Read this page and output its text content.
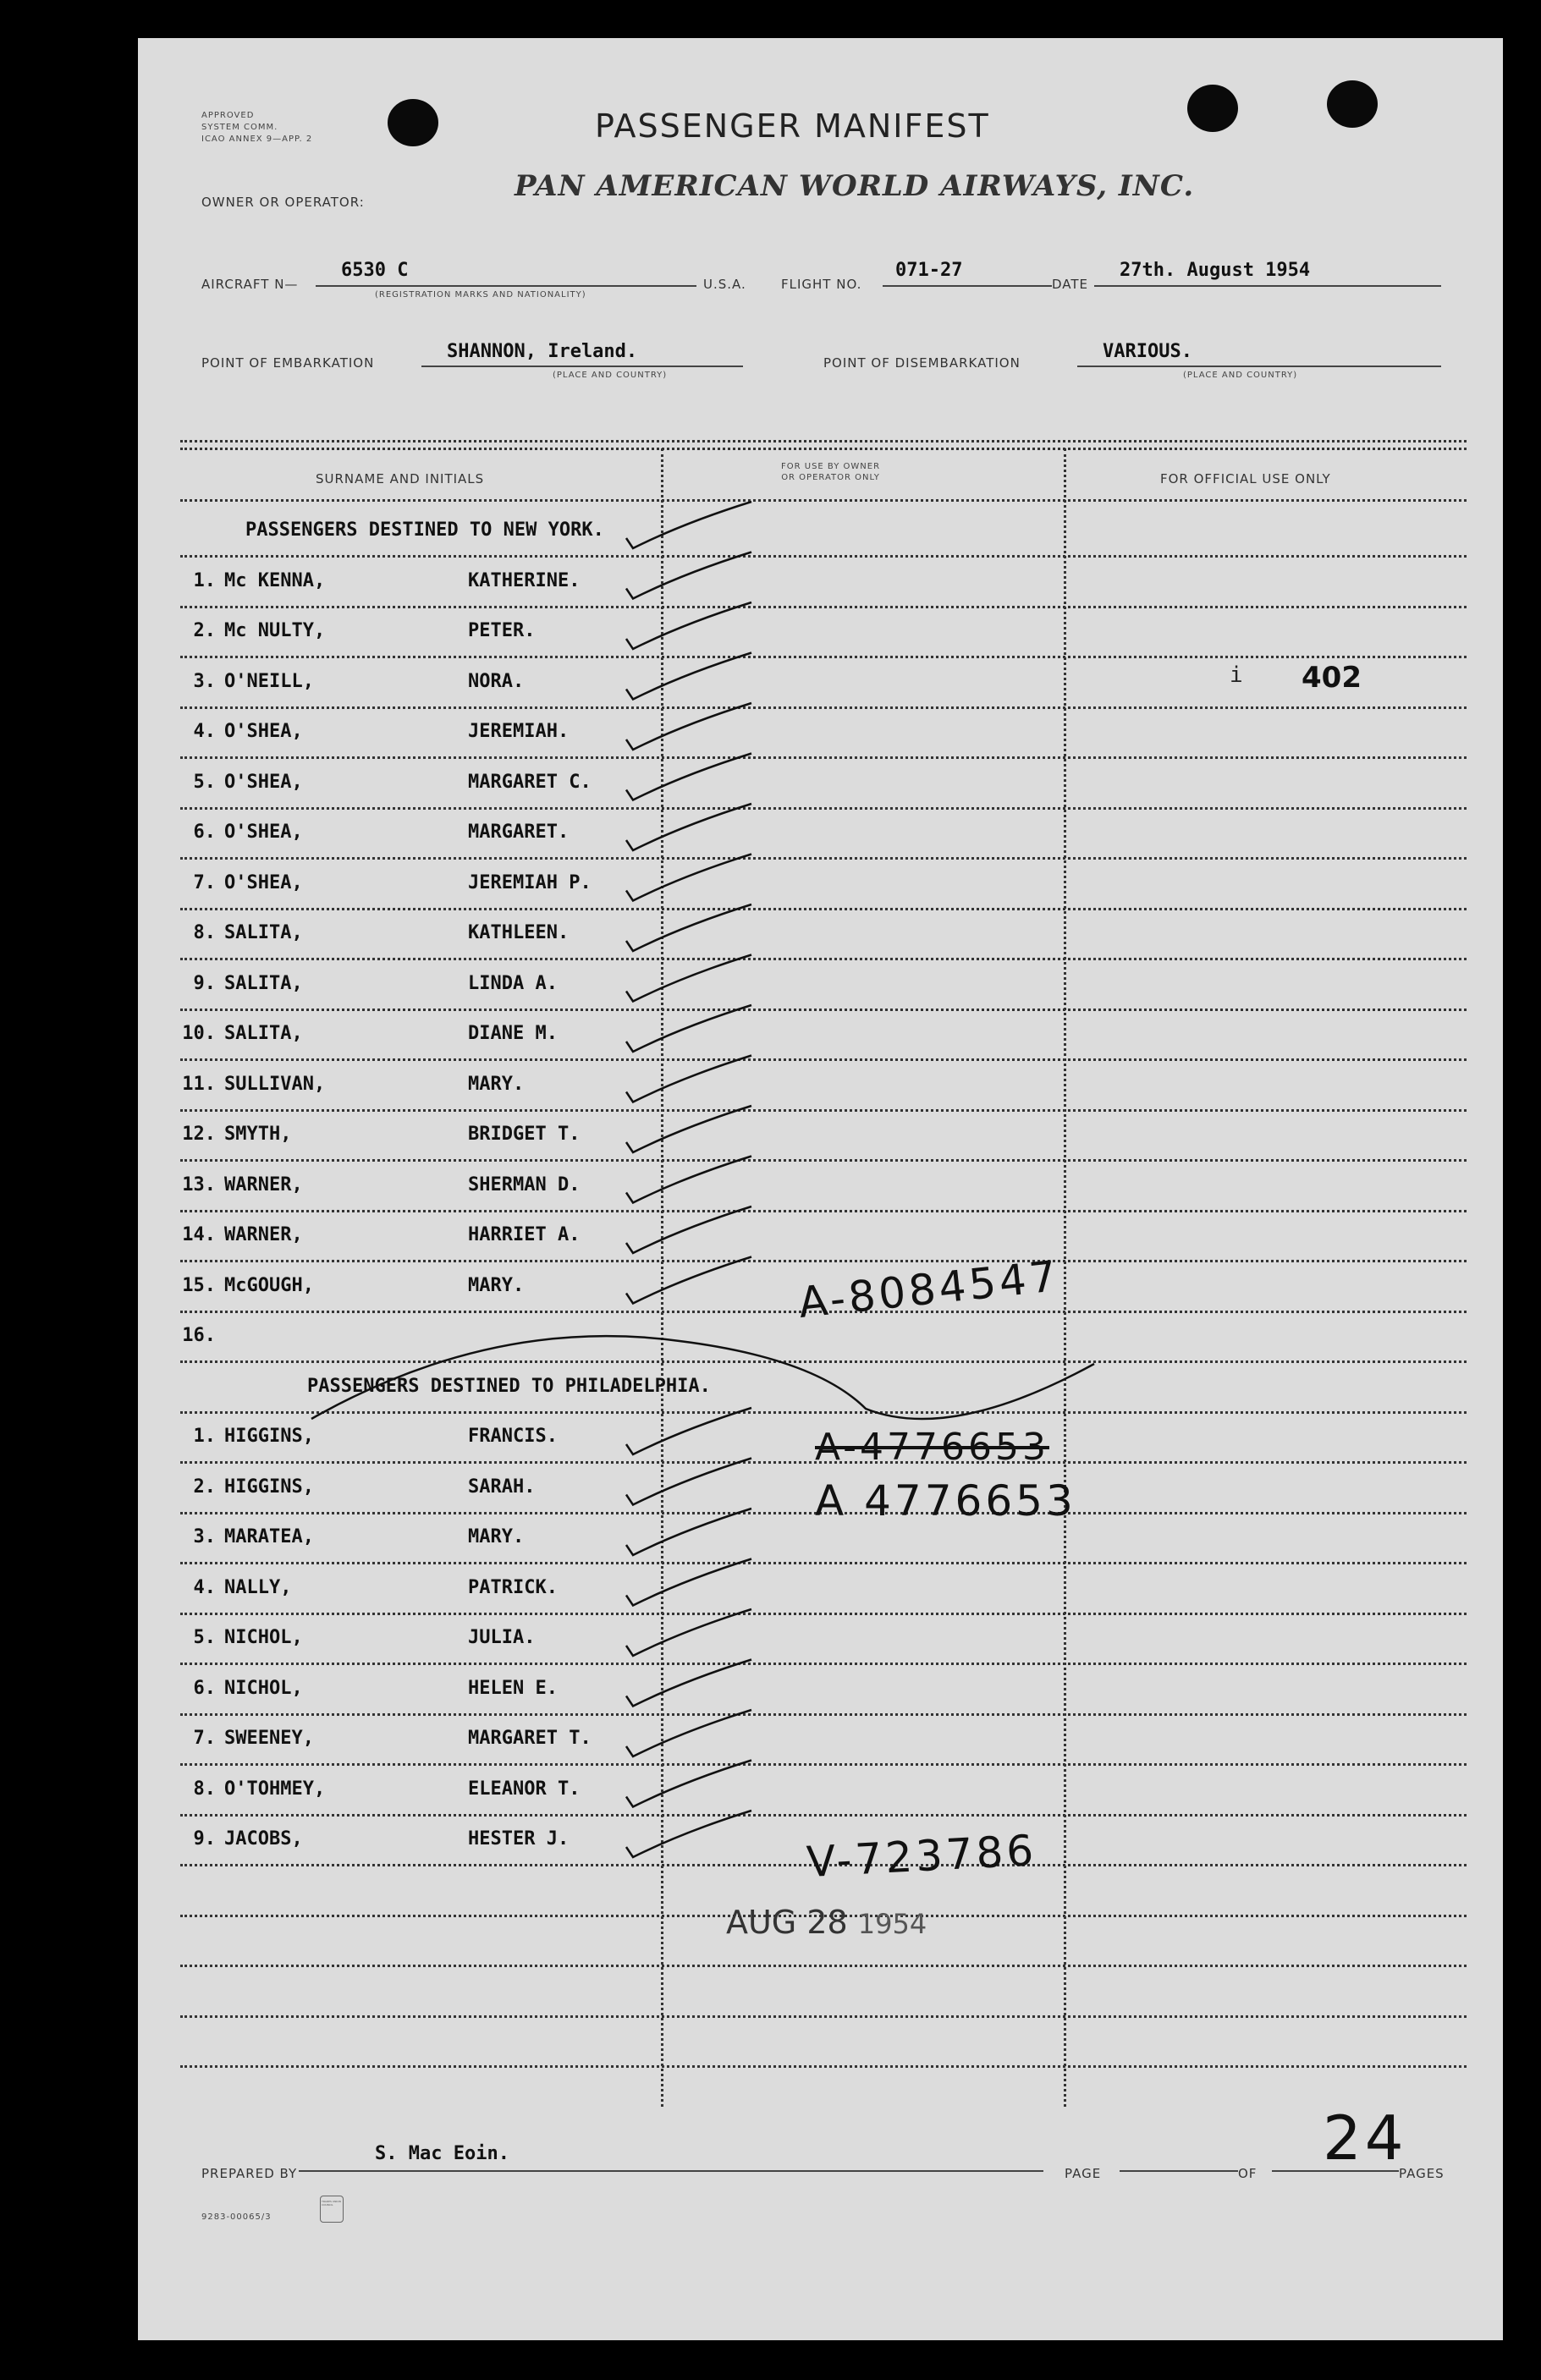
APPROVED
SYSTEM COMM.
ICAO ANNEX 9—APP. 2	PASSENGER MANIFEST
OWNER OR OPERATOR:	PAN AMERICAN WORLD AIRWAYS, INC.
AIRCRAFT N—
6530 C
(REGISTRATION MARKS AND NATIONALITY)
U.S.A.	FLIGHT NO.
071-27
DATE
27th. August 1954
POINT OF EMBARKATION
SHANNON, Ireland.
(PLACE AND COUNTRY)
POINT OF DISEMBARKATION
VARIOUS.
(PLACE AND COUNTRY)
SURNAME AND INITIALS
FOR USE BY OWNER
OR OPERATOR ONLY	FOR OFFICIAL USE ONLY
PASSENGERS DESTINED TO NEW YORK.
1. Mc KENNA,	KATHERINE.
2. Mc NULTY,	PETER.
3. O'NEILL,	NORA.
4. O'SHEA,	JEREMIAH.
5. O'SHEA,	MARGARET C.
6. O'SHEA,	MARGARET.
7. O'SHEA,	JEREMIAH P.
8. SALITA,	KATHLEEN.
9. SALITA,	LINDA A.
10. SALITA,	DIANE M.
11. SULLIVAN,	MARY.
12. SMYTH,	BRIDGET T.
13. WARNER,	SHERMAN D.
14. WARNER,	HARRIET A.
15. McGOUGH,	MARY.
16.
PASSENGERS DESTINED TO PHILADELPHIA.
1. HIGGINS,	FRANCIS.
2. HIGGINS,	SARAH.
3. MARATEA,	MARY.
4. NALLY,	PATRICK.
5. NICHOL,	JULIA.
6. NICHOL,	HELEN E.
7. SWEENEY,	MARGARET T.
8. O'TOHMEY,	ELEANOR T.
9. JACOBS,	HESTER J.
i 402
A-8084547
A-4776653
A 4776653
V-723786
AUG 28 1954
PREPARED BY
S. Mac Eoin.
PAGE	OF	PAGES
24
9283-00065/3
TRADES UNION COUNCIL
